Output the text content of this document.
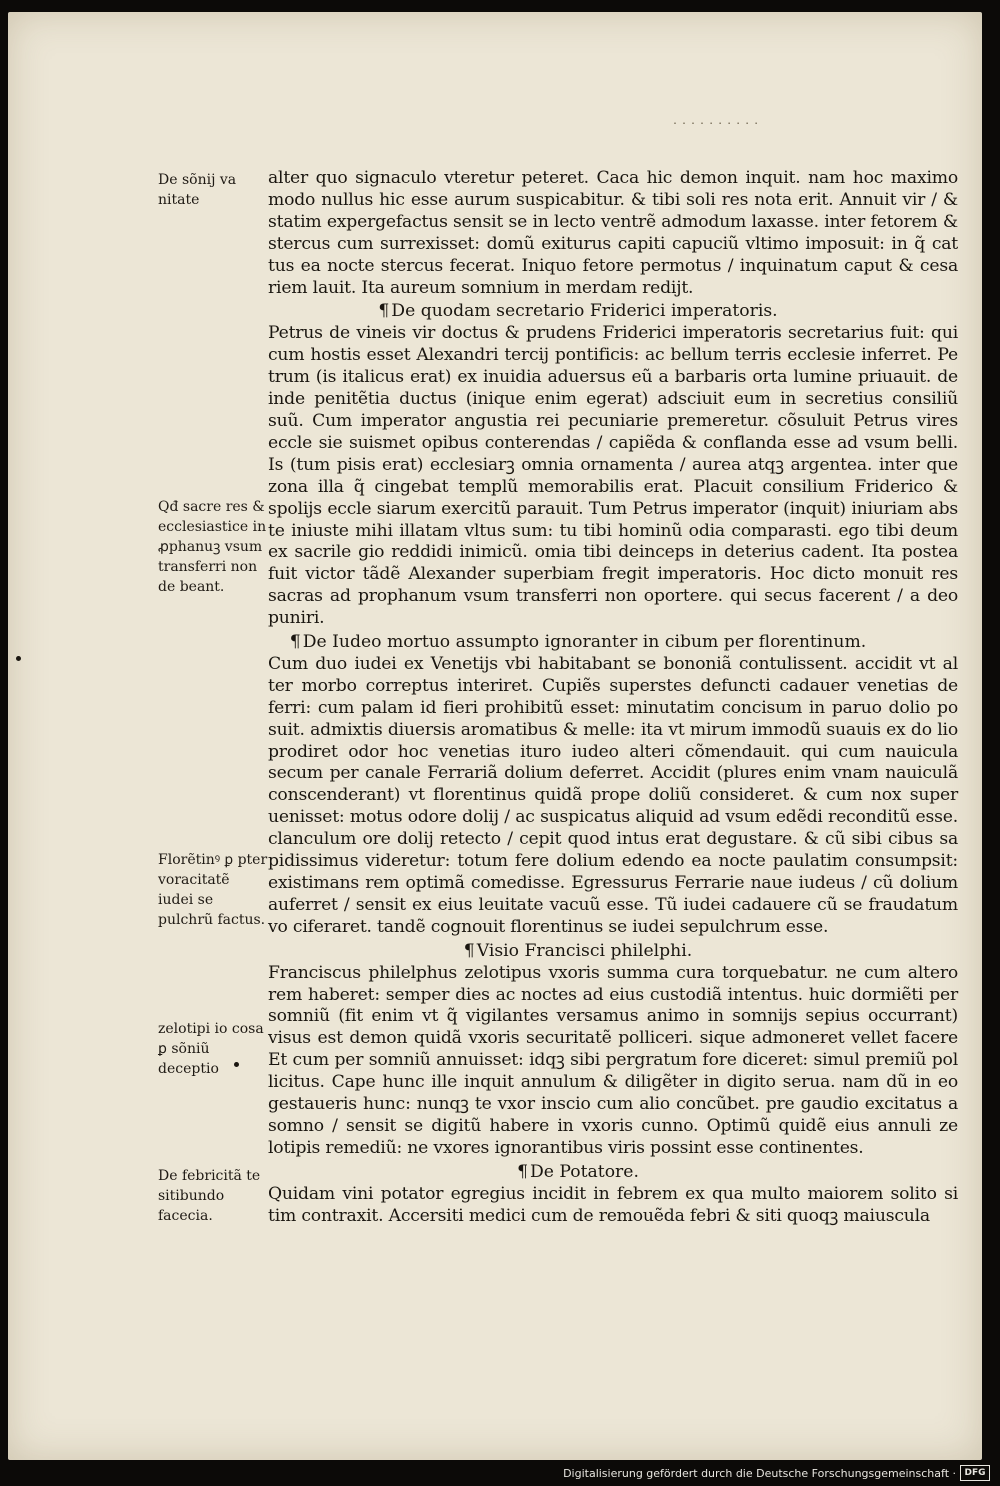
..........
De sõnij va nitate

alter quo signaculo vteretur peteret. Caca hic demon inquit. nam hoc maximo modo nullus hic esse aurum suspicabitur. & tibi soli res nota erit. Annuit vir / & statim expergefactus sensit se in lecto ventrẽ admodum laxasse. inter fetorem & stercus cum surrexisset: domũ exiturus capiti capuciũ vltimo imposuit: in q̃ cat tus ea nocte stercus fecerat. Iniquo fetore permotus / inquinatum caput & cesa riem lauit. Ita aureum somnium in merdam redijt.

¶ De quodam secretario Friderici imperatoris.

Qđ sacre res & ecclesiastice in ꝓphanuꝫ vsum transferri non de beant.

Petrus de vineis vir doctus & prudens Friderici imperatoris secretarius fuit: qui cum hostis esset Alexandri tercij pontificis: ac bellum terris ecclesie inferret. Pe trum (is italicus erat) ex inuidia aduersus eũ a barbaris orta lumine priuauit. de inde penitẽtia ductus (inique enim egerat) adsciuit eum in secretius consiliũ suũ. Cum imperator angustia rei pecuniarie premeretur. cõsuluit Petrus vires eccle sie suismet opibus conterendas / capiẽda & conflanda esse ad vsum belli. Is (tum pisis erat) ecclesiarꝫ omnia ornamenta / aurea atqꝫ argentea. inter que zona illa q̃ cingebat templũ memorabilis erat. Placuit consilium Friderico & spolijs eccle siarum exercitũ parauit. Tum Petrus imperator (inquit) iniuriam abs te iniuste mihi illatam vltus sum: tu tibi hominũ odia comparasti. ego tibi deum ex sacrile gio reddidi inimicũ. omia tibi deinceps in deterius cadent. Ita postea fuit victor tãdẽ Alexander superbiam fregit imperatoris. Hoc dicto monuit res sacras ad prophanum vsum transferri non oportere. qui secus facerent / a deo puniri.

¶ De Iudeo mortuo assumpto ignoranter in cibum per florentinum.

Florẽtinꝰ ꝑ pter voracitatẽ iudei se pulchrũ factus.

Cum duo iudei ex Venetijs vbi habitabant se bononiã contulissent. accidit vt al ter morbo correptus interiret. Cupiẽs superstes defuncti cadauer venetias de ferri: cum palam id fieri prohibitũ esset: minutatim concisum in paruo dolio po suit. admixtis diuersis aromatibus & melle: ita vt mirum immodũ suauis ex do lio prodiret odor hoc venetias ituro iudeo alteri cõmendauit. qui cum nauicula secum per canale Ferrariã dolium deferret. Accidit (plures enim vnam nauiculã conscenderant) vt florentinus quidã prope doliũ consideret. & cum nox super uenisset: motus odore dolij / ac suspicatus aliquid ad vsum edẽdi reconditũ esse. clanculum ore dolij retecto / cepit quod intus erat degustare. & cũ sibi cibus sa pidissimus videretur: totum fere dolium edendo ea nocte paulatim consumpsit: existimans rem optimã comedisse. Egressurus Ferrarie naue iudeus / cũ dolium auferret / sensit ex eius leuitate vacuũ esse. Tũ iudei cadauere cũ se fraudatum vo ciferaret. tandẽ cognouit florentinus se iudei sepulchrum esse.

¶ Visio Francisci philelphi.

zelotipi io cosa ꝑ sõniũ deceptio

Franciscus philelphus zelotipus vxoris summa cura torquebatur. ne cum altero rem haberet: semper dies ac noctes ad eius custodiã intentus. huic dormiẽti per somniũ (fit enim vt q̃ vigilantes versamus animo in somnijs sepius occurrant) visus est demon quidã vxoris securitatẽ polliceri. sique admoneret vellet facere Et cum per somniũ annuisset: idqꝫ sibi pergratum fore diceret: simul premiũ pol licitus. Cape hunc ille inquit annulum & diligẽter in digito serua. nam dũ in eo gestaueris hunc: nunqꝫ te vxor inscio cum alio concũbet. pre gaudio excitatus a somno / sensit se digitũ habere in vxoris cunno. Optimũ quidẽ eius annuli ze lotipis remediũ: ne vxores ignorantibus viris possint esse continentes.

¶ De Potatore.

De febricitã te sitibundo facecia.

Quidam vini potator egregius incidit in febrem ex qua multo maiorem solito si tim contraxit. Accersiti medici cum de remouẽda febri & siti quoqꝫ maiuscula

Digitalisierung gefördert durch die Deutsche Forschungsgemeinschaft · DFG
